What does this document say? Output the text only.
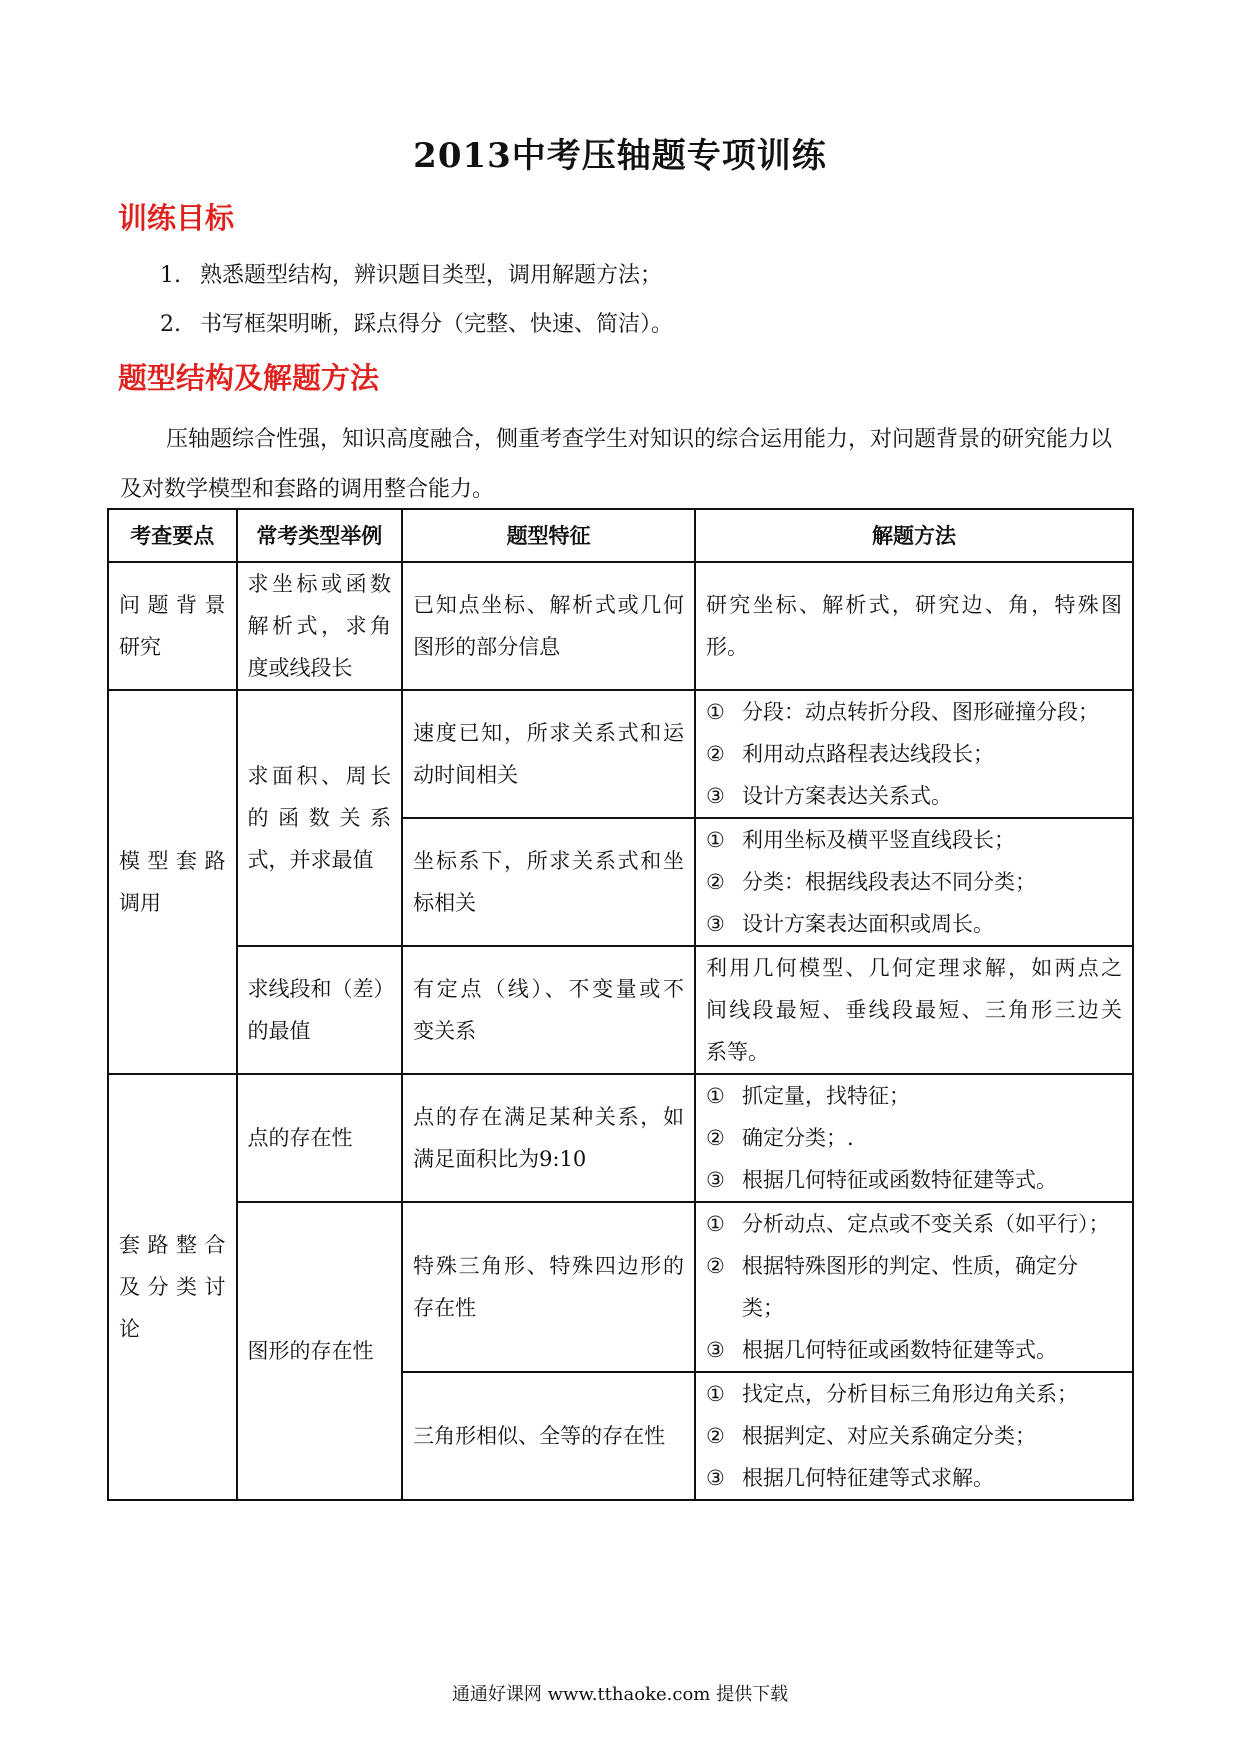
2013中考压轴题专项训练
训练目标
1. 熟悉题型结构，辨识题目类型，调用解题方法；
2. 书写框架明晰，踩点得分（完整、快速、简洁）。
题型结构及解题方法
压轴题综合性强，知识高度融合，侧重考查学生对知识的综合运用能力，对问题背景的研究能力以及对数学模型和套路的调用整合能力。
考查要点	常考类型举例	题型特征	解题方法

问题背景
研究	求坐标或函数
解析式，求角
度或线段长	已知点坐标、解析式或几何
图形的部分信息	研究坐标、解析式，研究边、角，特殊图
形。

模型套路
调用	求面积、周长
的函数关系
式，并求最值	速度已知，所求关系式和运
动时间相关	① 分段：动点转折分段、图形碰撞分段；
② 利用动点路程表达线段长；
③ 设计方案表达关系式。

		坐标系下，所求关系式和坐
标相关	① 利用坐标及横平竖直线段长；
② 分类：根据线段表达不同分类；
③ 设计方案表达面积或周长。

	求线段和（差）
的最值	有定点（线）、不变量或不
变关系	利用几何模型、几何定理求解，如两点之
间线段最短、垂线段最短、三角形三边关
系等。

套路整合
及分类讨
论	点的存在性	点的存在满足某种关系，如
满足面积比为9:10	① 抓定量，找特征；
② 确定分类；.
③ 根据几何特征或函数特征建等式。

	图形的存在性	特殊三角形、特殊四边形的
存在性	① 分析动点、定点或不变关系（如平行）；
② 根据特殊图形的判定、性质，确定分
类；
③ 根据几何特征或函数特征建等式。

		三角形相似、全等的存在性	① 找定点，分析目标三角形边角关系；
② 根据判定、对应关系确定分类；
③ 根据几何特征建等式求解。
通通好课网 www.tthaoke.com 提供下载
